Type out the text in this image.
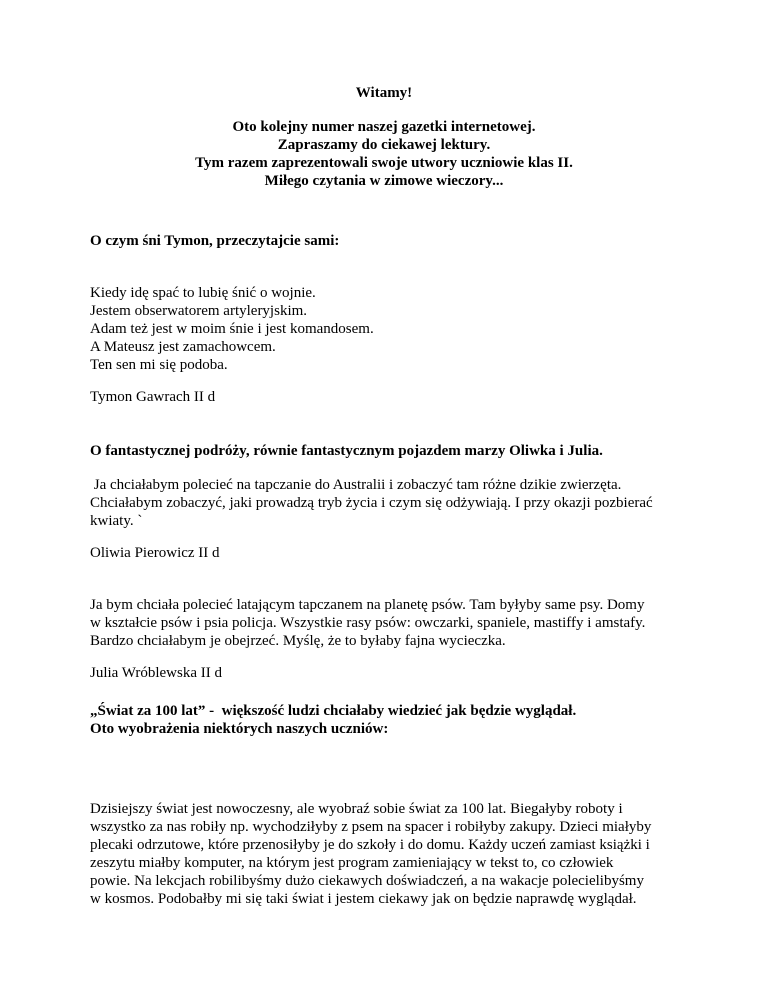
Witamy!
Oto kolejny numer naszej gazetki internetowej.
Zapraszamy do ciekawej lektury.
Tym razem zaprezentowali swoje utwory uczniowie klas II.
Miłego czytania w zimowe wieczory...
O czym śni Tymon, przeczytajcie sami:
Kiedy idę spać to lubię śnić o wojnie.
Jestem obserwatorem artyleryjskim.
Adam też jest w moim śnie i jest komandosem.
A Mateusz jest zamachowcem.
Ten sen mi się podoba.
Tymon Gawrach II d
O fantastycznej podróży, równie fantastycznym pojazdem marzy Oliwka i Julia.
Ja chciałabym polecieć na tapczanie do Australii i zobaczyć tam różne dzikie zwierzęta.
Chciałabym zobaczyć, jaki prowadzą tryb życia i czym się odżywiają. I przy okazji pozbierać
kwiaty. `
Oliwia Pierowicz II d
Ja bym chciała polecieć latającym tapczanem na planetę psów. Tam byłyby same psy. Domy
w kształcie psów i psia policja. Wszystkie rasy psów: owczarki, spaniele, mastiffy i amstafy.
Bardzo chciałabym je obejrzeć. Myślę, że to byłaby fajna wycieczka.
Julia Wróblewska II d
„Świat za 100 lat” -  większość ludzi chciałaby wiedzieć jak będzie wyglądał.
Oto wyobrażenia niektórych naszych uczniów:
Dzisiejszy świat jest nowoczesny, ale wyobraź sobie świat za 100 lat. Biegałyby roboty i
wszystko za nas robiły np. wychodziłyby z psem na spacer i robiłyby zakupy. Dzieci miałyby
plecaki odrzutowe, które przenosiłyby je do szkoły i do domu. Każdy uczeń zamiast książki i
zeszytu miałby komputer, na którym jest program zamieniający w tekst to, co człowiek
powie. Na lekcjach robilibyśmy dużo ciekawych doświadczeń, a na wakacje polecielibyśmy
w kosmos. Podobałby mi się taki świat i jestem ciekawy jak on będzie naprawdę wyglądał.
